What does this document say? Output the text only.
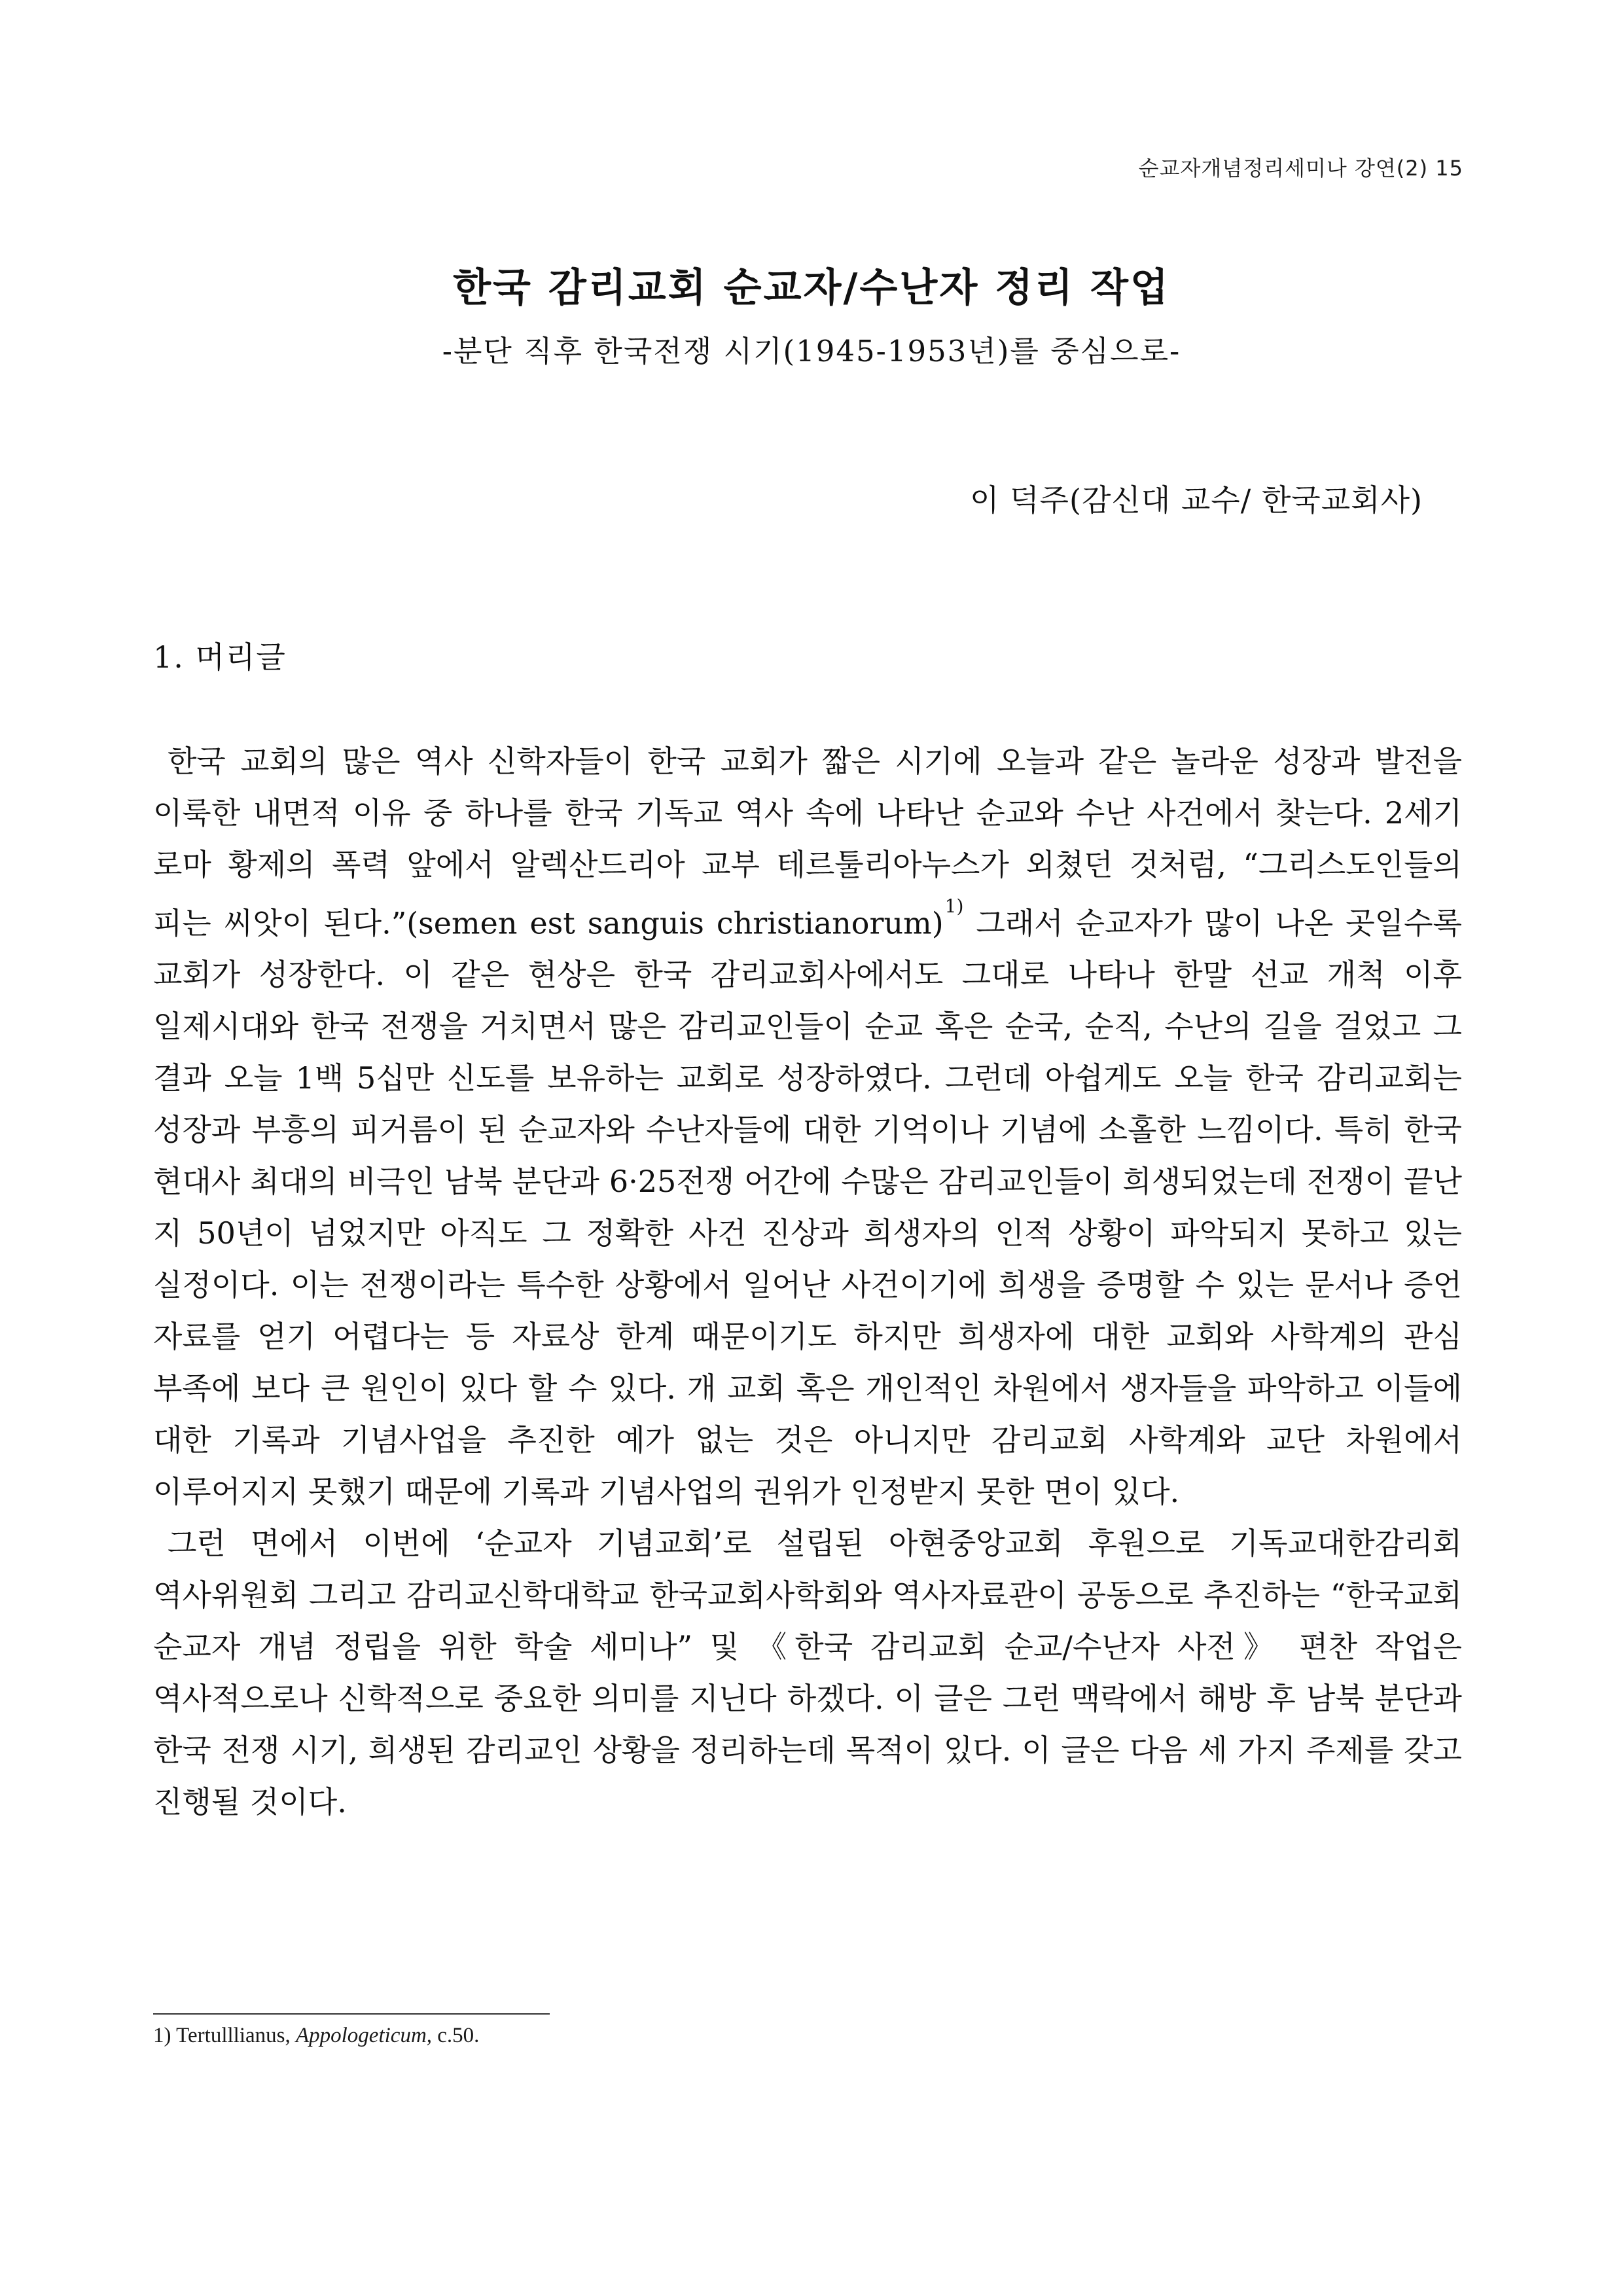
순교자개념정리세미나 강연(2) 15
한국 감리교회 순교자/수난자 정리 작업
-분단 직후 한국전쟁 시기(1945-1953년)를 중심으로-
이 덕주(감신대 교수/ 한국교회사)
1. 머리글

한국 교회의 많은 역사 신학자들이 한국 교회가 짧은 시기에 오늘과 같은 놀라운 성장과 발전을 이룩한 내면적 이유 중 하나를 한국 기독교 역사 속에 나타난 순교와 수난 사건에서 찾는다. 2세기 로마 황제의 폭력 앞에서 알렉산드리아 교부 테르툴리아누스가 외쳤던 것처럼, “그리스도인들의 피는 씨앗이 된다.”(semen est sanguis christianorum)$^{1)}$ 그래서 순교자가 많이 나온 곳일수록 교회가 성장한다. 이 같은 현상은 한국 감리교회사에서도 그대로 나타나 한말 선교 개척 이후 일제시대와 한국 전쟁을 거치면서 많은 감리교인들이 순교 혹은 순국, 순직, 수난의 길을 걸었고 그 결과 오늘 1백 5십만 신도를 보유하는 교회로 성장하였다. 그런데 아쉽게도 오늘 한국 감리교회는 성장과 부흥의 피거름이 된 순교자와 수난자들에 대한 기억이나 기념에 소홀한 느낌이다. 특히 한국 현대사 최대의 비극인 남북 분단과 6·25전쟁 어간에 수많은 감리교인들이 희생되었는데 전쟁이 끝난 지 50년이 넘었지만 아직도 그 정확한 사건 진상과 희생자의 인적 상황이 파악되지 못하고 있는 실정이다. 이는 전쟁이라는 특수한 상황에서 일어난 사건이기에 희생을 증명할 수 있는 문서나 증언 자료를 얻기 어렵다는 등 자료상 한계 때문이기도 하지만 희생자에 대한 교회와 사학계의 관심 부족에 보다 큰 원인이 있다 할 수 있다. 개 교회 혹은 개인적인 차원에서 생자들을 파악하고 이들에 대한 기록과 기념사업을 추진한 예가 없는 것은 아니지만 감리교회 사학계와 교단 차원에서 이루어지지 못했기 때문에 기록과 기념사업의 권위가 인정받지 못한 면이 있다.

그런 면에서 이번에 ‘순교자 기념교회’로 설립된 아현중앙교회 후원으로 기독교대한감리회 역사위원회 그리고 감리교신학대학교 한국교회사학회와 역사자료관이 공동으로 추진하는 “한국교회 순교자 개념 정립을 위한 학술 세미나” 및 《한국 감리교회 순교/수난자 사전》 편찬 작업은 역사적으로나 신학적으로 중요한 의미를 지닌다 하겠다. 이 글은 그런 맥락에서 해방 후 남북 분단과 한국 전쟁 시기, 희생된 감리교인 상황을 정리하는데 목적이 있다. 이 글은 다음 세 가지 주제를 갖고 진행될 것이다.

1) Tertulllianus, Appologeticum, c.50.
